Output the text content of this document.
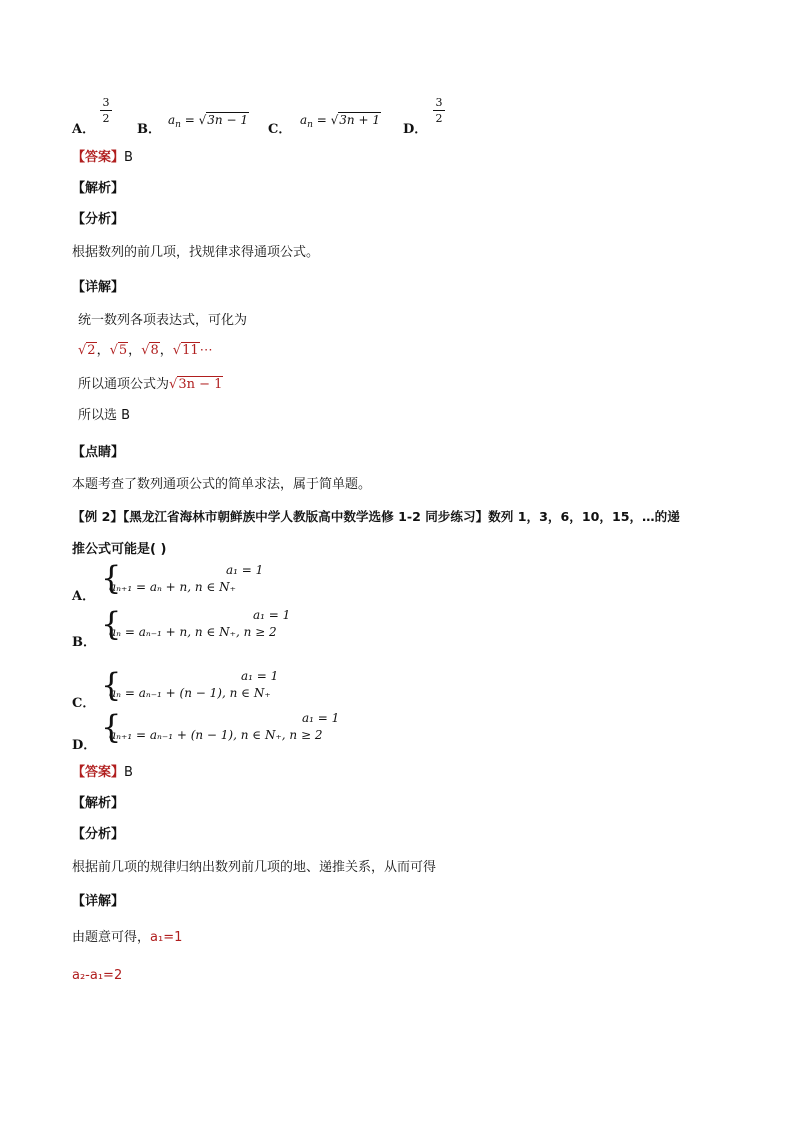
A．
3
2
B．
$a_n = √3n - 1$
C．
$a_n = √3n + 1$
D．
3
2
【答案】B
【解析】
【分析】
根据数列的前几项，找规律求得通项公式。
【详解】
统一数列各项表达式，可化为
√2，√5，√8，√11⋯
所以通项公式为√3n − 1
所以选 B
【点睛】
本题考查了数列通项公式的简单求法，属于简单题。
【例 2】【黑龙江省海林市朝鲜族中学人教版高中数学选修 1-2 同步练习】数列 1，3，6，10，15，…的递
推公式可能是( )
A． {	a₁ = 1
aₙ₊₁ = aₙ + n, n ∈ N₊
B． {	a₁ = 1
aₙ = aₙ₋₁ + n, n ∈ N₊, n ≥ 2
C． {	a₁ = 1
aₙ = aₙ₋₁ + (n − 1), n ∈ N₊
D． {	a₁ = 1
aₙ₊₁ = aₙ₋₁ + (n − 1), n ∈ N₊, n ≥ 2
【答案】B
【解析】
【分析】
根据前几项的规律归纳出数列前几项的地、递推关系，从而可得
【详解】
由题意可得，a₁=1
a₂-a₁=2
